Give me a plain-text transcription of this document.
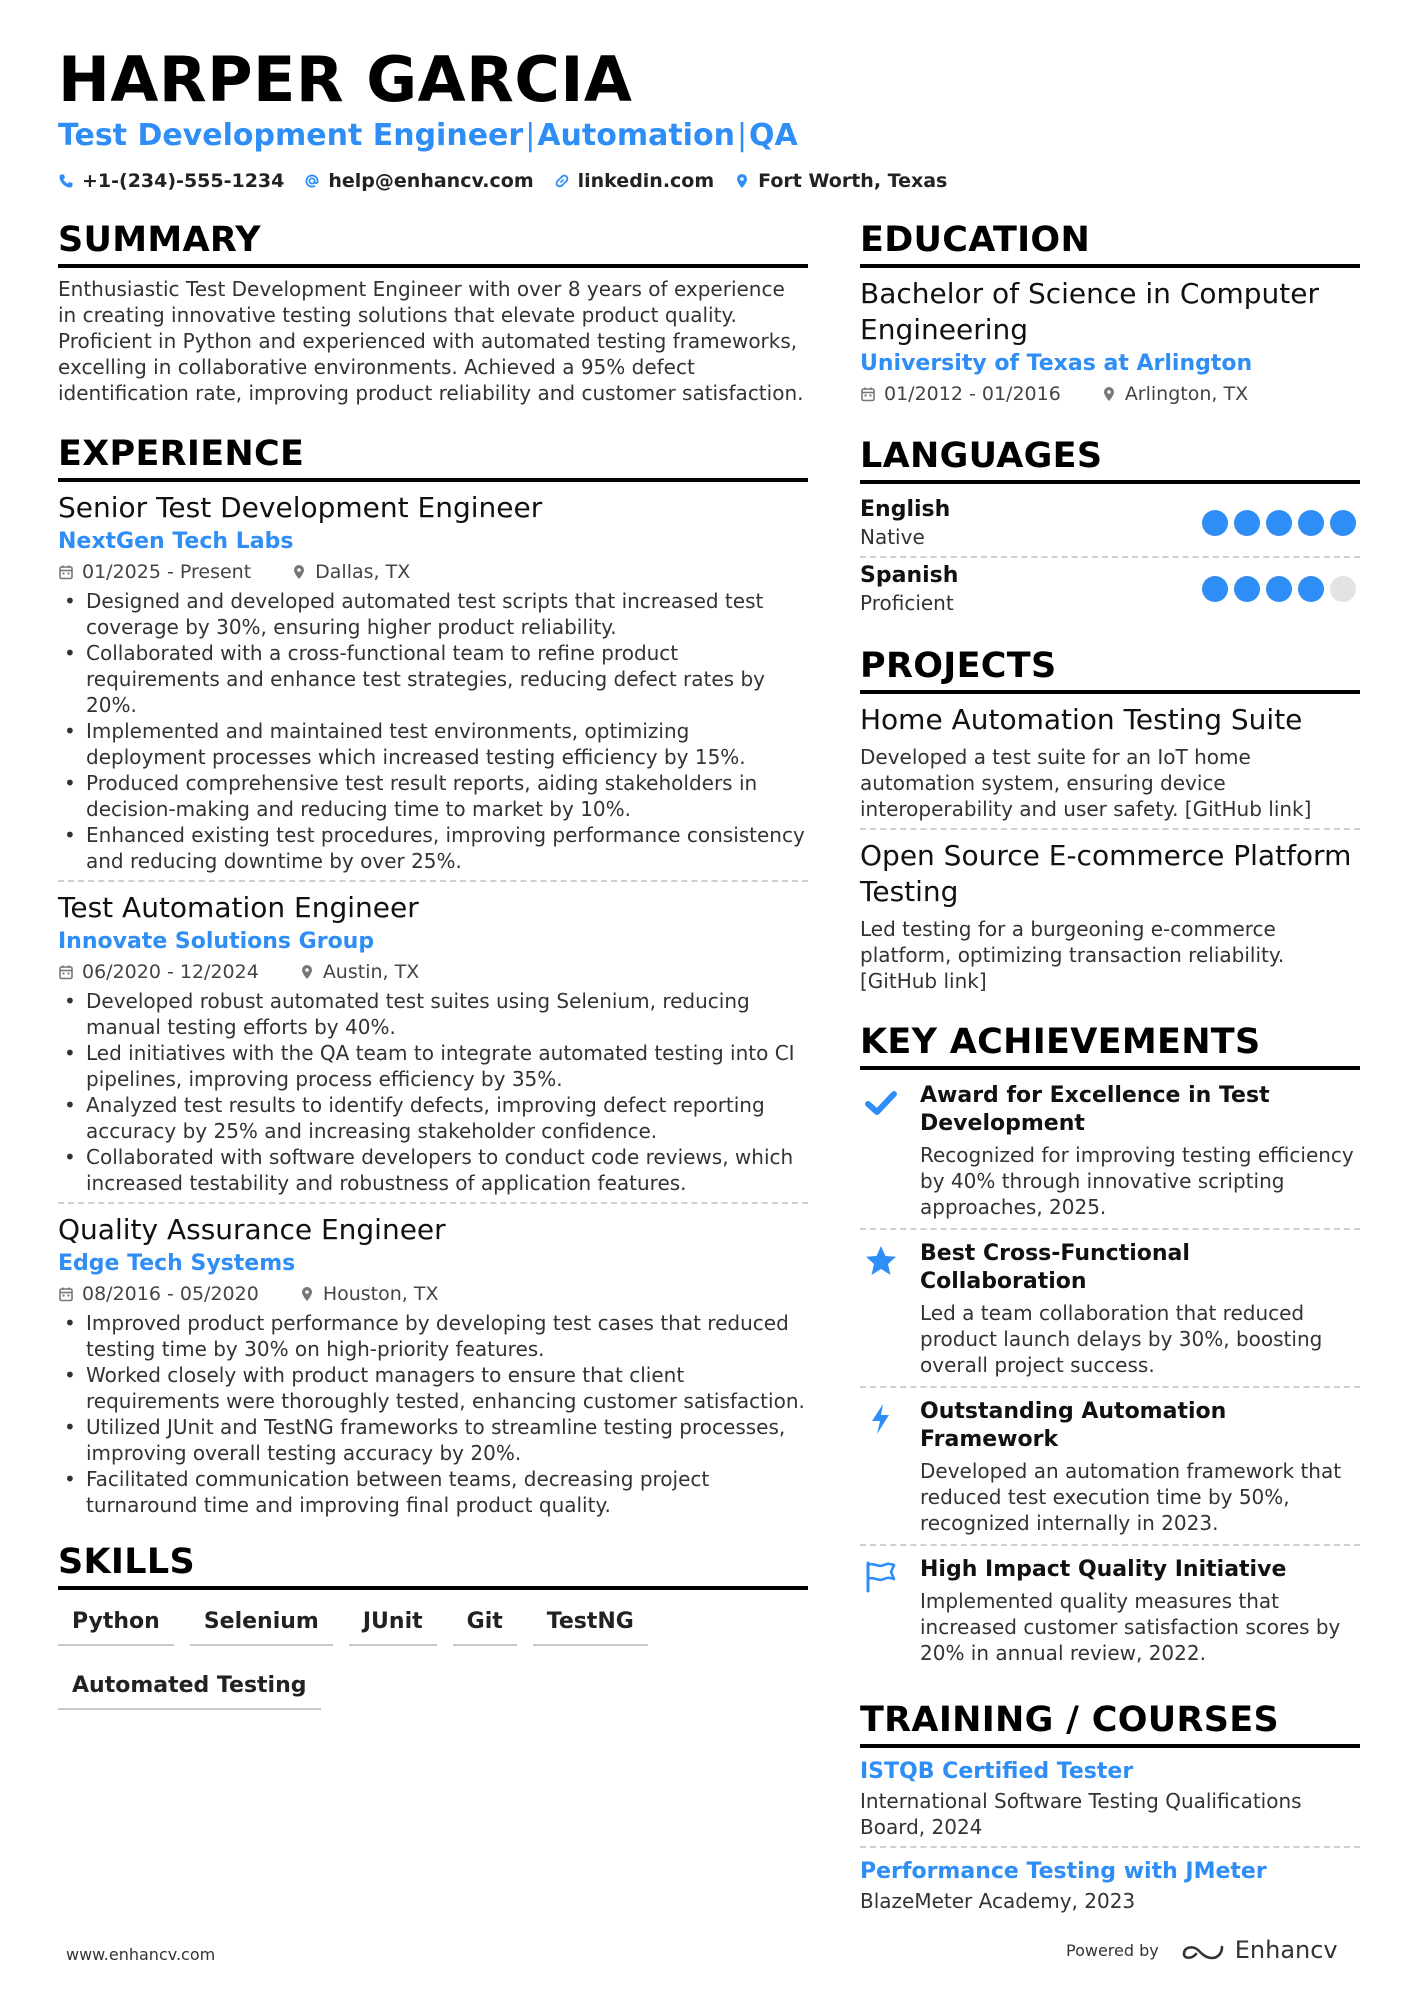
HARPER GARCIA
Test Development Engineer|Automation|QA
+1-(234)-555-1234 help@enhancv.com linkedin.com Fort Worth, Texas
SUMMARY
Enthusiastic Test Development Engineer with over 8 years of experience in creating innovative testing solutions that elevate product quality. Proficient in Python and experienced with automated testing frameworks, excelling in collaborative environments. Achieved a 95% defect identification rate, improving product reliability and customer satisfaction.
EXPERIENCE
Senior Test Development Engineer
NextGen Tech Labs
01/2025 - Present	Dallas, TX
• Designed and developed automated test scripts that increased test coverage by 30%, ensuring higher product reliability.
• Collaborated with a cross-functional team to refine product requirements and enhance test strategies, reducing defect rates by 20%.
• Implemented and maintained test environments, optimizing deployment processes which increased testing efficiency by 15%.
• Produced comprehensive test result reports, aiding stakeholders in decision-making and reducing time to market by 10%.
• Enhanced existing test procedures, improving performance consistency and reducing downtime by over 25%.
Test Automation Engineer
Innovate Solutions Group
06/2020 - 12/2024	Austin, TX
• Developed robust automated test suites using Selenium, reducing manual testing efforts by 40%.
• Led initiatives with the QA team to integrate automated testing into CI pipelines, improving process efficiency by 35%.
• Analyzed test results to identify defects, improving defect reporting accuracy by 25% and increasing stakeholder confidence.
• Collaborated with software developers to conduct code reviews, which increased testability and robustness of application features.
Quality Assurance Engineer
Edge Tech Systems
08/2016 - 05/2020	Houston, TX
• Improved product performance by developing test cases that reduced testing time by 30% on high-priority features.
• Worked closely with product managers to ensure that client requirements were thoroughly tested, enhancing customer satisfaction.
• Utilized JUnit and TestNG frameworks to streamline testing processes, improving overall testing accuracy by 20%.
• Facilitated communication between teams, decreasing project turnaround time and improving final product quality.
SKILLS
Python	Selenium	JUnit	Git	TestNG
Automated Testing
EDUCATION
Bachelor of Science in Computer Engineering
University of Texas at Arlington
01/2012 - 01/2016	Arlington, TX
LANGUAGES
English
Native
Spanish
Proficient
PROJECTS
Home Automation Testing Suite
Developed a test suite for an IoT home automation system, ensuring device interoperability and user safety. [GitHub link]
Open Source E-commerce Platform Testing
Led testing for a burgeoning e-commerce platform, optimizing transaction reliability. [GitHub link]
KEY ACHIEVEMENTS
Award for Excellence in Test Development
Recognized for improving testing efficiency by 40% through innovative scripting approaches, 2025.
Best Cross-Functional Collaboration
Led a team collaboration that reduced product launch delays by 30%, boosting overall project success.
Outstanding Automation Framework
Developed an automation framework that reduced test execution time by 50%, recognized internally in 2023.
High Impact Quality Initiative
Implemented quality measures that increased customer satisfaction scores by 20% in annual review, 2022.
TRAINING / COURSES
ISTQB Certified Tester
International Software Testing Qualifications Board, 2024
Performance Testing with JMeter
BlazeMeter Academy, 2023
www.enhancv.com	Powered by	Enhancv
